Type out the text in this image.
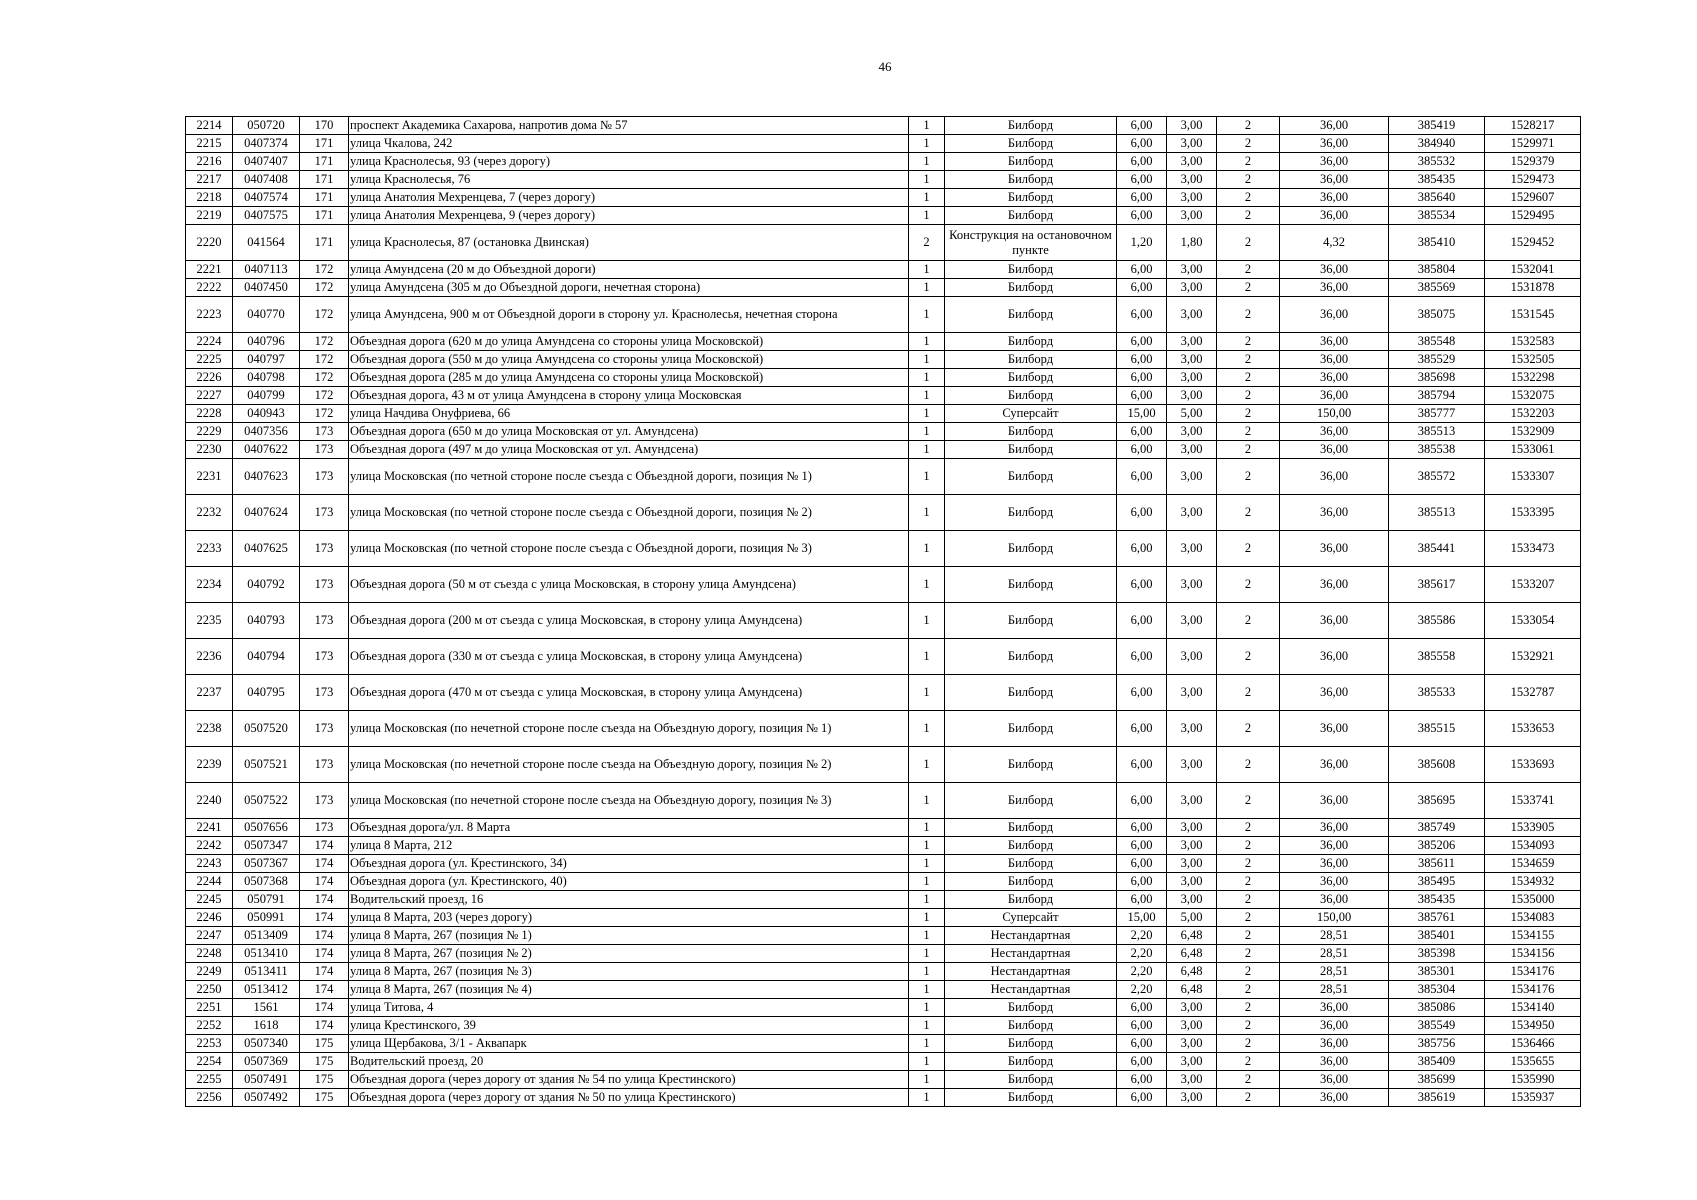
46
2214	050720	170	проспект Академика Сахарова, напротив дома № 57	1	Билборд	6,00	3,00	2	36,00	385419	1528217
2215	0407374	171	улица Чкалова, 242	1	Билборд	6,00	3,00	2	36,00	384940	1529971
2216	0407407	171	улица Краснолесья, 93 (через дорогу)	1	Билборд	6,00	3,00	2	36,00	385532	1529379
2217	0407408	171	улица Краснолесья, 76	1	Билборд	6,00	3,00	2	36,00	385435	1529473
2218	0407574	171	улица Анатолия Мехренцева, 7 (через дорогу)	1	Билборд	6,00	3,00	2	36,00	385640	1529607
2219	0407575	171	улица Анатолия Мехренцева, 9 (через дорогу)	1	Билборд	6,00	3,00	2	36,00	385534	1529495
2220	041564	171	улица Краснолесья, 87 (остановка Двинская)	2	Конструкция на остановочном пункте	1,20	1,80	2	4,32	385410	1529452
2221	0407113	172	улица Амундсена (20 м до Объездной дороги)	1	Билборд	6,00	3,00	2	36,00	385804	1532041
2222	0407450	172	улица Амундсена (305 м до Объездной дороги, нечетная сторона)	1	Билборд	6,00	3,00	2	36,00	385569	1531878
2223	040770	172	улица Амундсена, 900 м от Объездной дороги в сторону ул. Краснолесья, нечетная сторона	1	Билборд	6,00	3,00	2	36,00	385075	1531545
2224	040796	172	Объездная дорога (620 м до улица Амундсена со стороны улица Московской)	1	Билборд	6,00	3,00	2	36,00	385548	1532583
2225	040797	172	Объездная дорога (550 м до улица Амундсена со стороны улица Московской)	1	Билборд	6,00	3,00	2	36,00	385529	1532505
2226	040798	172	Объездная дорога (285 м до улица Амундсена со стороны улица Московской)	1	Билборд	6,00	3,00	2	36,00	385698	1532298
2227	040799	172	Объездная дорога, 43 м от улица Амундсена в сторону улица Московская	1	Билборд	6,00	3,00	2	36,00	385794	1532075
2228	040943	172	улица Начдива Онуфриева, 66	1	Суперсайт	15,00	5,00	2	150,00	385777	1532203
2229	0407356	173	Объездная дорога (650 м до улица Московская от ул. Амундсена)	1	Билборд	6,00	3,00	2	36,00	385513	1532909
2230	0407622	173	Объездная дорога (497 м до улица Московская от ул. Амундсена)	1	Билборд	6,00	3,00	2	36,00	385538	1533061
2231	0407623	173	улица Московская (по четной стороне после съезда с Объездной дороги, позиция № 1)	1	Билборд	6,00	3,00	2	36,00	385572	1533307
2232	0407624	173	улица Московская (по четной стороне после съезда с Объездной дороги, позиция № 2)	1	Билборд	6,00	3,00	2	36,00	385513	1533395
2233	0407625	173	улица Московская (по четной стороне после съезда с Объездной дороги, позиция № 3)	1	Билборд	6,00	3,00	2	36,00	385441	1533473
2234	040792	173	Объездная дорога (50 м от съезда с улица Московская, в сторону улица Амундсена)	1	Билборд	6,00	3,00	2	36,00	385617	1533207
2235	040793	173	Объездная дорога (200 м от съезда с улица Московская, в сторону улица Амундсена)	1	Билборд	6,00	3,00	2	36,00	385586	1533054
2236	040794	173	Объездная дорога (330 м от съезда с улица Московская, в сторону улица Амундсена)	1	Билборд	6,00	3,00	2	36,00	385558	1532921
2237	040795	173	Объездная дорога (470 м от съезда с улица Московская, в сторону улица Амундсена)	1	Билборд	6,00	3,00	2	36,00	385533	1532787
2238	0507520	173	улица Московская (по нечетной стороне после съезда на Объездную дорогу, позиция № 1)	1	Билборд	6,00	3,00	2	36,00	385515	1533653
2239	0507521	173	улица Московская (по нечетной стороне после съезда на Объездную дорогу, позиция № 2)	1	Билборд	6,00	3,00	2	36,00	385608	1533693
2240	0507522	173	улица Московская (по нечетной стороне после съезда на Объездную дорогу, позиция № 3)	1	Билборд	6,00	3,00	2	36,00	385695	1533741
2241	0507656	173	Объездная дорога/ул. 8 Марта	1	Билборд	6,00	3,00	2	36,00	385749	1533905
2242	0507347	174	улица 8 Марта, 212	1	Билборд	6,00	3,00	2	36,00	385206	1534093
2243	0507367	174	Объездная дорога (ул. Крестинского, 34)	1	Билборд	6,00	3,00	2	36,00	385611	1534659
2244	0507368	174	Объездная дорога (ул. Крестинского, 40)	1	Билборд	6,00	3,00	2	36,00	385495	1534932
2245	050791	174	Водительский проезд, 16	1	Билборд	6,00	3,00	2	36,00	385435	1535000
2246	050991	174	улица 8 Марта, 203 (через дорогу)	1	Суперсайт	15,00	5,00	2	150,00	385761	1534083
2247	0513409	174	улица 8 Марта, 267 (позиция № 1)	1	Нестандартная	2,20	6,48	2	28,51	385401	1534155
2248	0513410	174	улица 8 Марта, 267 (позиция № 2)	1	Нестандартная	2,20	6,48	2	28,51	385398	1534156
2249	0513411	174	улица 8 Марта, 267 (позиция № 3)	1	Нестандартная	2,20	6,48	2	28,51	385301	1534176
2250	0513412	174	улица 8 Марта, 267 (позиция № 4)	1	Нестандартная	2,20	6,48	2	28,51	385304	1534176
2251	1561	174	улица Титова, 4	1	Билборд	6,00	3,00	2	36,00	385086	1534140
2252	1618	174	улица Крестинского, 39	1	Билборд	6,00	3,00	2	36,00	385549	1534950
2253	0507340	175	улица Щербакова, 3/1 - Аквапарк	1	Билборд	6,00	3,00	2	36,00	385756	1536466
2254	0507369	175	Водительский проезд, 20	1	Билборд	6,00	3,00	2	36,00	385409	1535655
2255	0507491	175	Объездная дорога (через дорогу от здания № 54 по улица Крестинского)	1	Билборд	6,00	3,00	2	36,00	385699	1535990
2256	0507492	175	Объездная дорога (через дорогу от здания № 50 по улица Крестинского)	1	Билборд	6,00	3,00	2	36,00	385619	1535937
